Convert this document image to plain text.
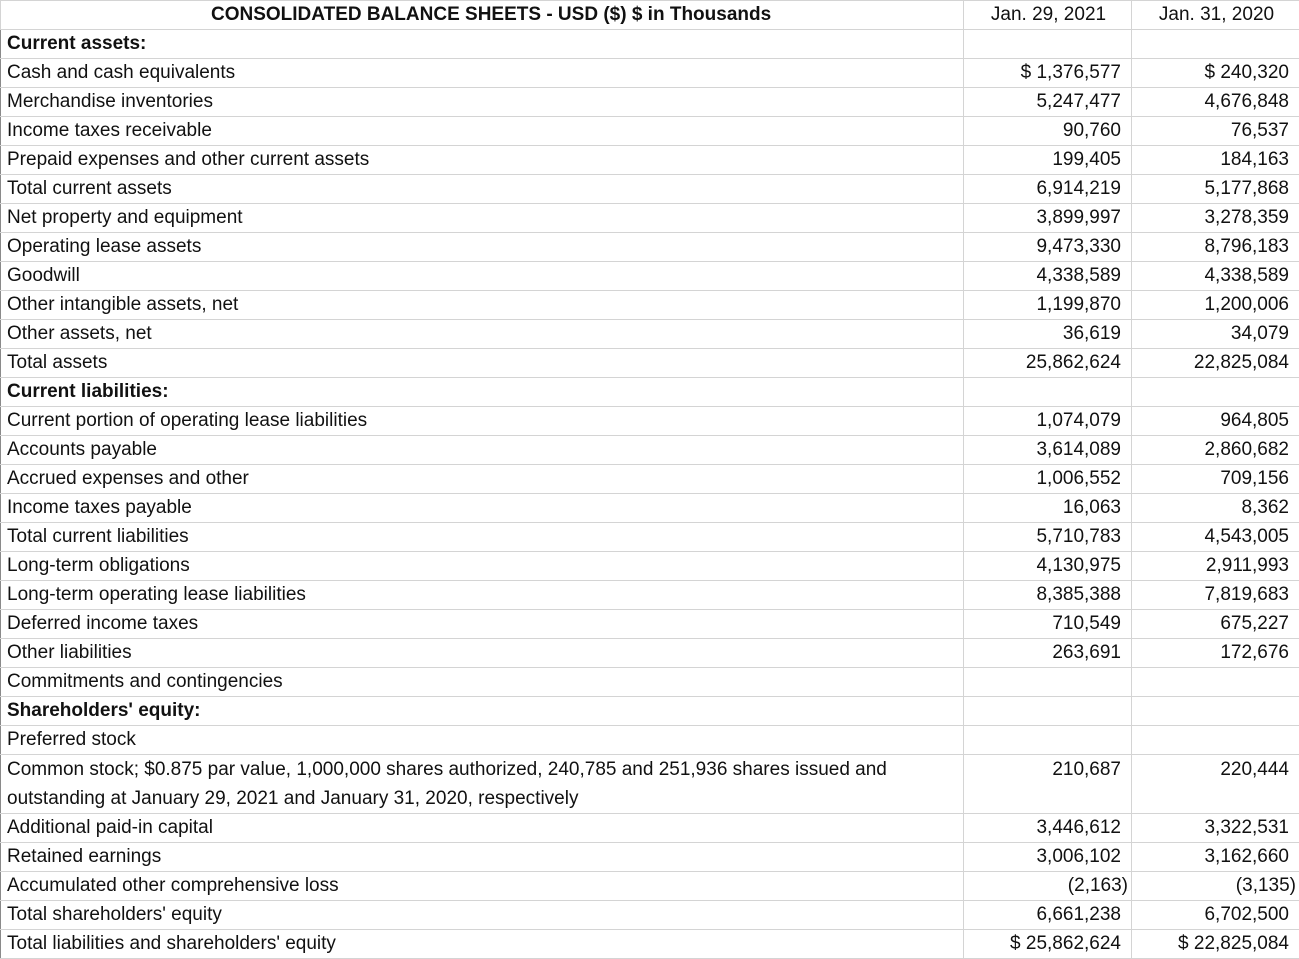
CONSOLIDATED BALANCE SHEETS - USD ($) $ in Thousands	Jan. 29, 2021	Jan. 31, 2020
Current assets:		
Cash and cash equivalents	$ 1,376,577	$ 240,320
Merchandise inventories	5,247,477	4,676,848
Income taxes receivable	90,760	76,537
Prepaid expenses and other current assets	199,405	184,163
Total current assets	6,914,219	5,177,868
Net property and equipment	3,899,997	3,278,359
Operating lease assets	9,473,330	8,796,183
Goodwill	4,338,589	4,338,589
Other intangible assets, net	1,199,870	1,200,006
Other assets, net	36,619	34,079
Total assets	25,862,624	22,825,084
Current liabilities:		
Current portion of operating lease liabilities	1,074,079	964,805
Accounts payable	3,614,089	2,860,682
Accrued expenses and other	1,006,552	709,156
Income taxes payable	16,063	8,362
Total current liabilities	5,710,783	4,543,005
Long-term obligations	4,130,975	2,911,993
Long-term operating lease liabilities	8,385,388	7,819,683
Deferred income taxes	710,549	675,227
Other liabilities	263,691	172,676
Commitments and contingencies		
Shareholders' equity:		
Preferred stock		
Common stock; $0.875 par value, 1,000,000 shares authorized, 240,785 and 251,936 shares issued and outstanding at January 29, 2021 and January 31, 2020, respectively	210,687	220,444
Additional paid-in capital	3,446,612	3,322,531
Retained earnings	3,006,102	3,162,660
Accumulated other comprehensive loss	(2,163)	(3,135)
Total shareholders' equity	6,661,238	6,702,500
Total liabilities and shareholders' equity	$ 25,862,624	$ 22,825,084
